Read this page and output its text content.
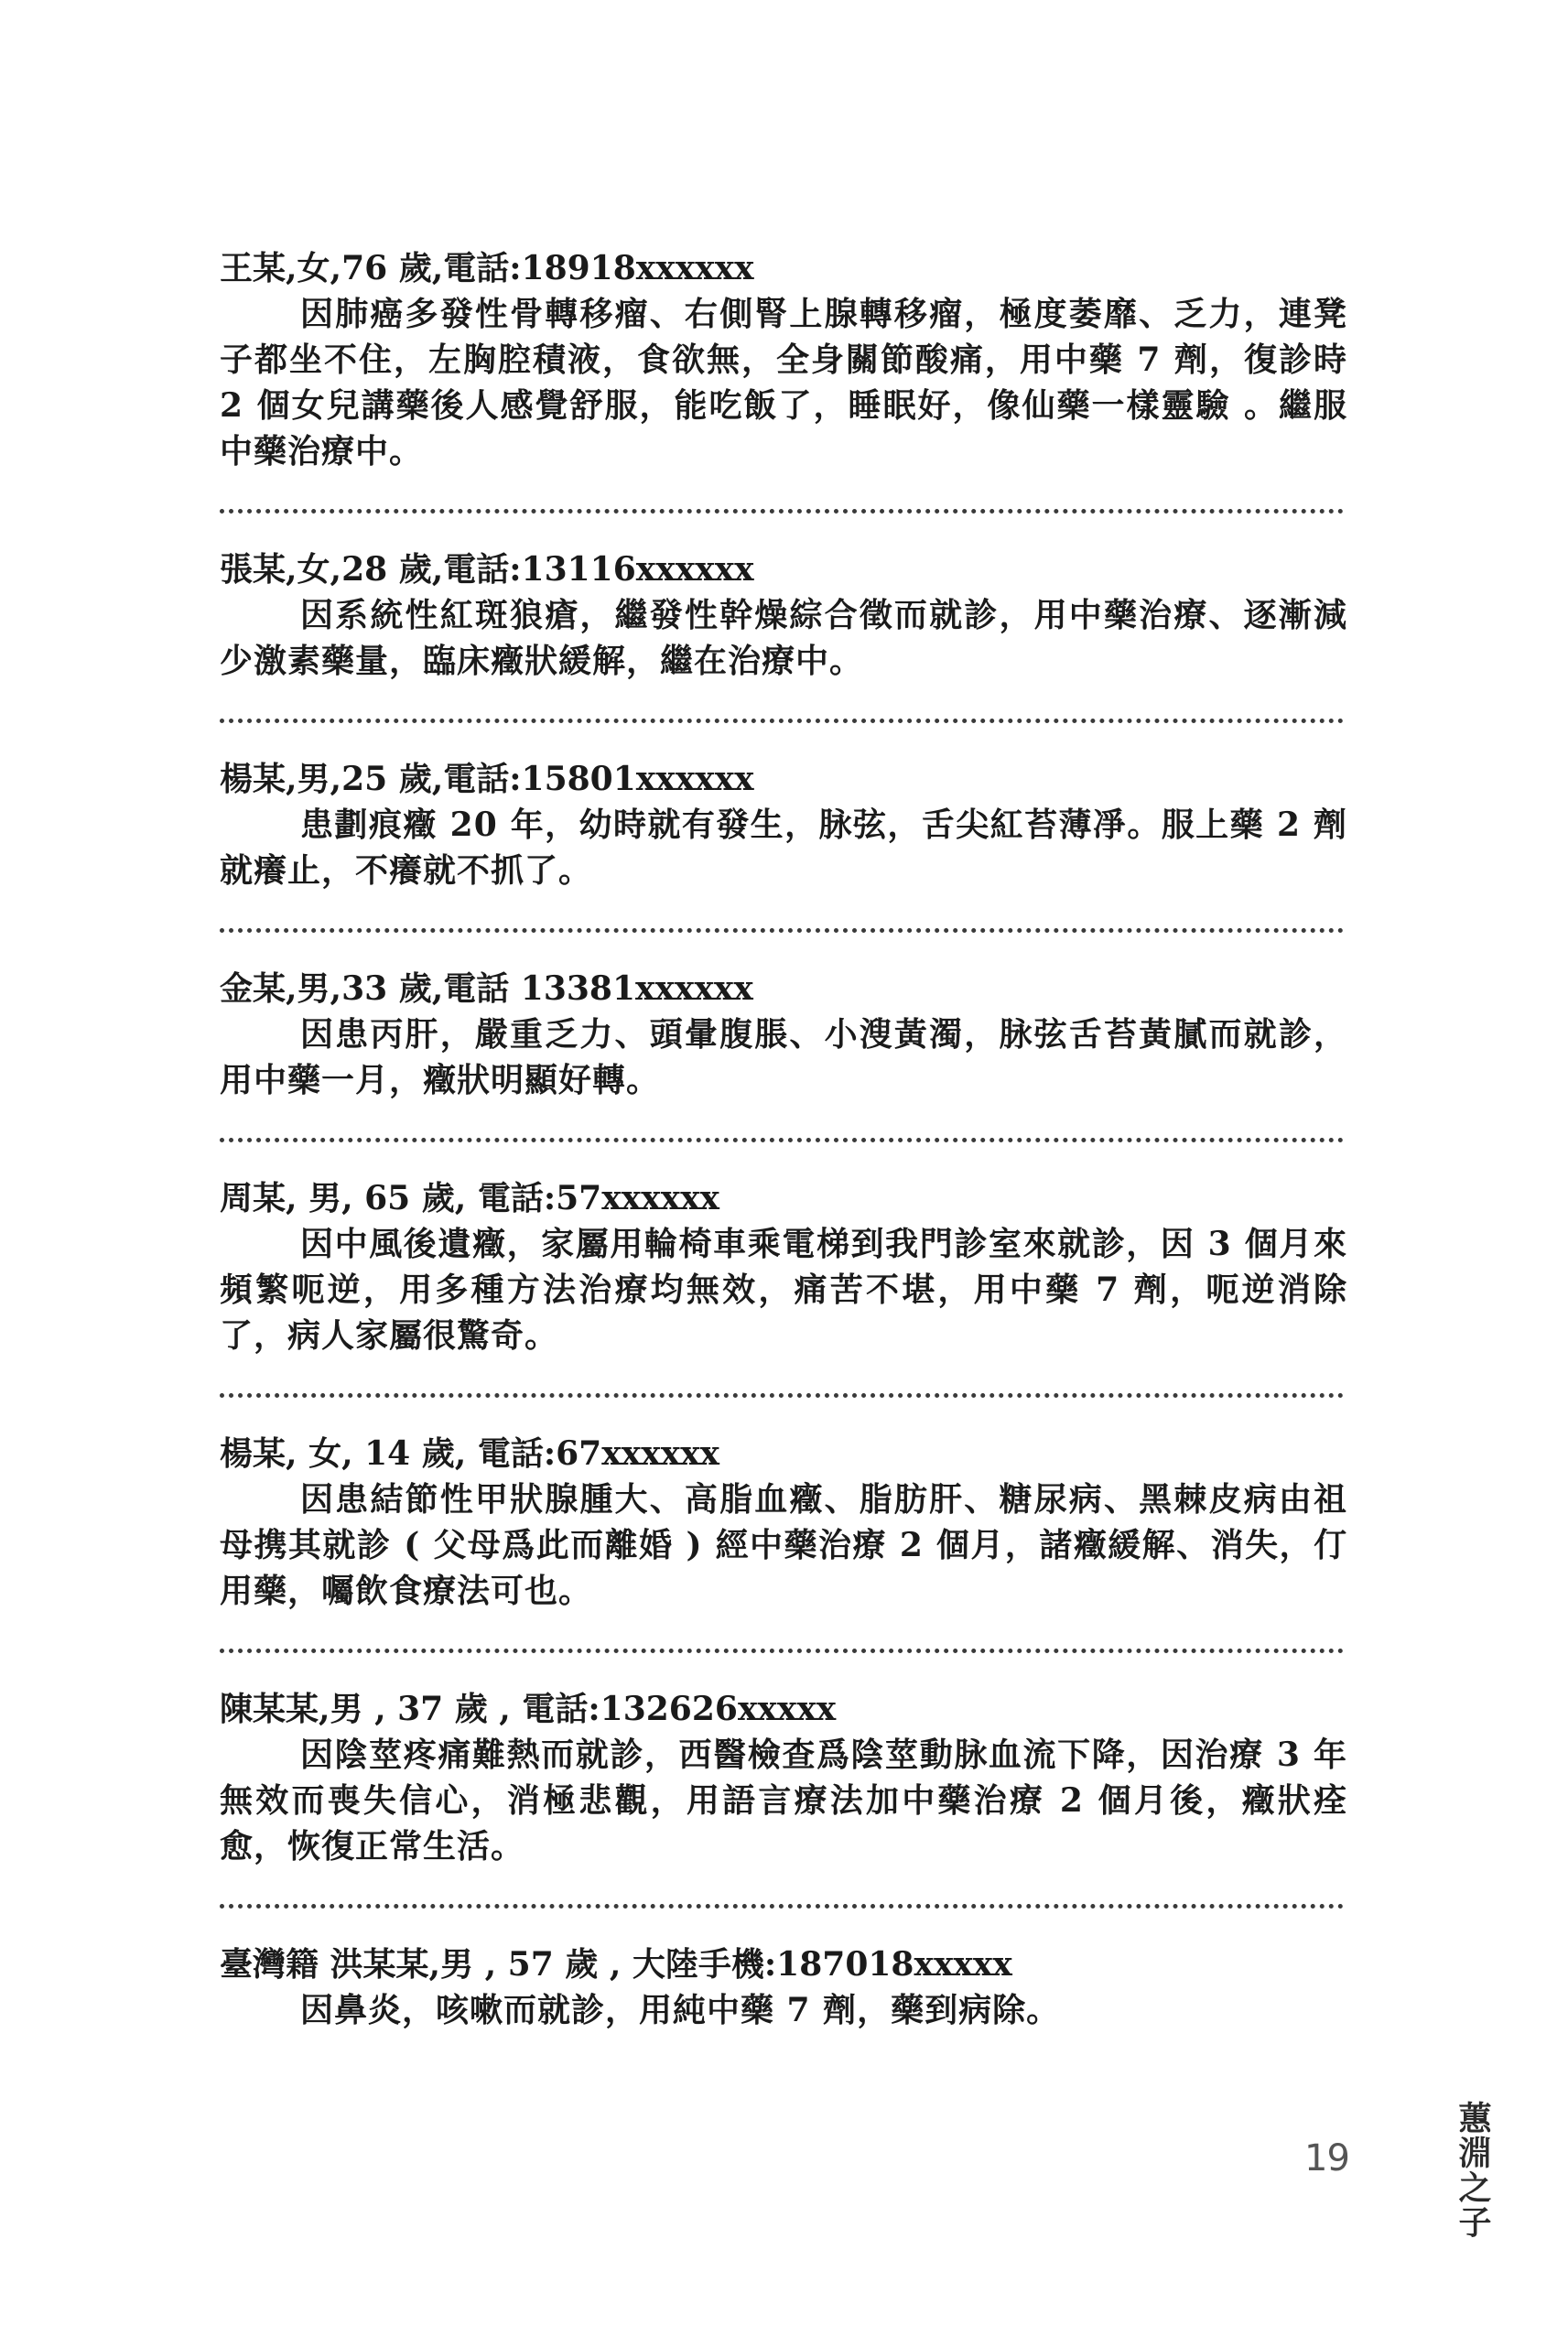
王某,女,76 歲,電話:18918xxxxxx
因肺癌多發性骨轉移瘤、右側腎上腺轉移瘤，極度萎靡、乏力，連凳子都坐不住，左胸腔積液，食欲無，全身關節酸痛，用中藥 7 劑，復診時 2 個女兒講藥後人感覺舒服，能吃飯了，睡眠好，像仙藥一樣靈驗 。繼服中藥治療中。
張某,女,28 歲,電話:13116xxxxxx
因系統性紅斑狼瘡，繼發性幹燥綜合徵而就診，用中藥治療、逐漸減少激素藥量，臨床癥狀緩解，繼在治療中。
楊某,男,25 歲,電話:15801xxxxxx
患劃痕癥 20 年，幼時就有發生，脉弦，舌尖紅苔薄凈。服上藥 2 劑就癢止，不癢就不抓了。
金某,男,33 歲,電話 13381xxxxxx
因患丙肝，嚴重乏力、頭暈腹脹、小溲黃濁，脉弦舌苔黃膩而就診，用中藥一月，癥狀明顯好轉。
周某, 男, 65 歲, 電話:57xxxxxx
因中風後遺癥，家屬用輪椅車乘電梯到我門診室來就診，因 3 個月來頻繁呃逆，用多種方法治療均無效，痛苦不堪，用中藥 7 劑，呃逆消除了，病人家屬很驚奇。
楊某, 女, 14 歲, 電話:67xxxxxx
因患結節性甲狀腺腫大、高脂血癥、脂肪肝、糖尿病、黑棘皮病由祖母携其就診 ( 父母爲此而離婚 ) 經中藥治療 2 個月，諸癥緩解、消失，仃用藥，囑飲食療法可也。
陳某某,男 , 37 歲 , 電話:132626xxxxx
因陰莖疼痛難熱而就診，西醫檢查爲陰莖動脉血流下降，因治療 3 年無效而喪失信心，消極悲觀，用語言療法加中藥治療 2 個月後，癥狀痊愈，恢復正常生活。
臺灣籍 洪某某,男 , 57 歲 , 大陸手機:187018xxxxx
因鼻炎，咳嗽而就診，用純中藥 7 劑，藥到病除。
蕙淵之子
19
